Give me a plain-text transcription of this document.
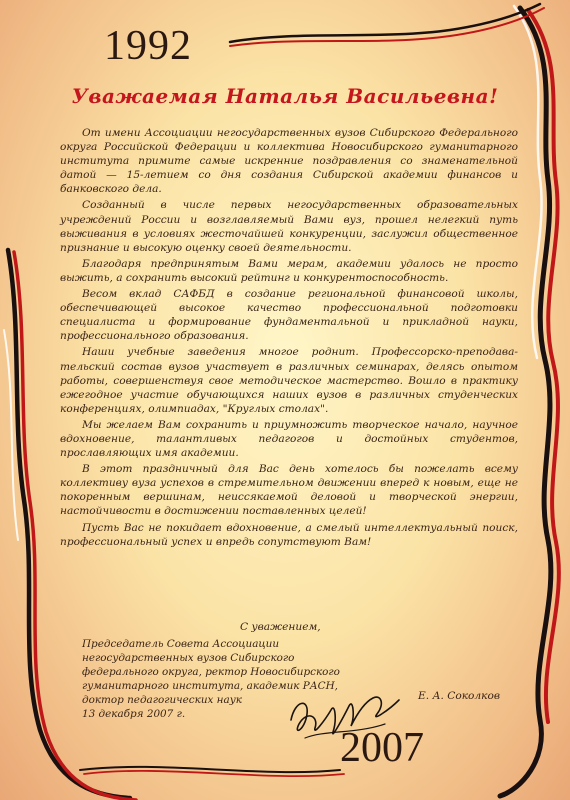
1992
Уважаемая Наталья Васильевна!

От имени Ассоциации негосударственных вузов Сибирского Федерального округа Российской Федерации и коллектива Новосибирского гуманитарного института примите самые искренние поздравления со знаменательной датой — 15-летием со дня создания Сибирской академии финансов и банковского дела.

Созданный в числе первых негосударственных образовательных учреждений России и возглавляемый Вами вуз, прошел нелегкий путь выживания в условиях жесточайшей конкуренции, заслужил общественное признание и высокую оценку своей деятельности.

Благодаря предпринятым Вами мерам, академии удалось не просто выжить, а сохранить высокий рейтинг и конкурентоспособность.

Весом вклад САФБД в создание региональной финансовой школы, обеспечивающей высокое качество профессиональной подготовки специалиста и формирование фундаментальной и прикладной науки, профессионального образования.

Наши учебные заведения многое роднит. Профессорско-преподава-тельский состав вузов участвует в различных семинарах, делясь опытом работы, совершенствуя свое методическое мастерство. Вошло в практику ежегодное участие обучающихся наших вузов в различных студенческих конференциях, олимпиадах, "Круглых столах".

Мы желаем Вам сохранить и приумножить творческое начало, научное вдохновение, талантливых педагогов и достойных студентов, прославляющих имя академии.

В этот праздничный для Вас день хотелось бы пожелать всему коллективу вуза успехов в стремительном движении вперед к новым, еще не покоренным вершинам, неиссякаемой деловой и творческой энергии, настойчивости в достижении поставленных целей!

Пусть Вас не покидает вдохновение, а смелый интеллектуальный поиск, профессиональный успех и впредь сопутствуют Вам!

С уважением,
Председатель Совета Ассоциации
негосударственных вузов Сибирского
федерального округа, ректор Новосибирского
гуманитарного института, академик РАСН,
доктор педагогических наук
13 декабря 2007 г.
Е. А. Соколков
2007
